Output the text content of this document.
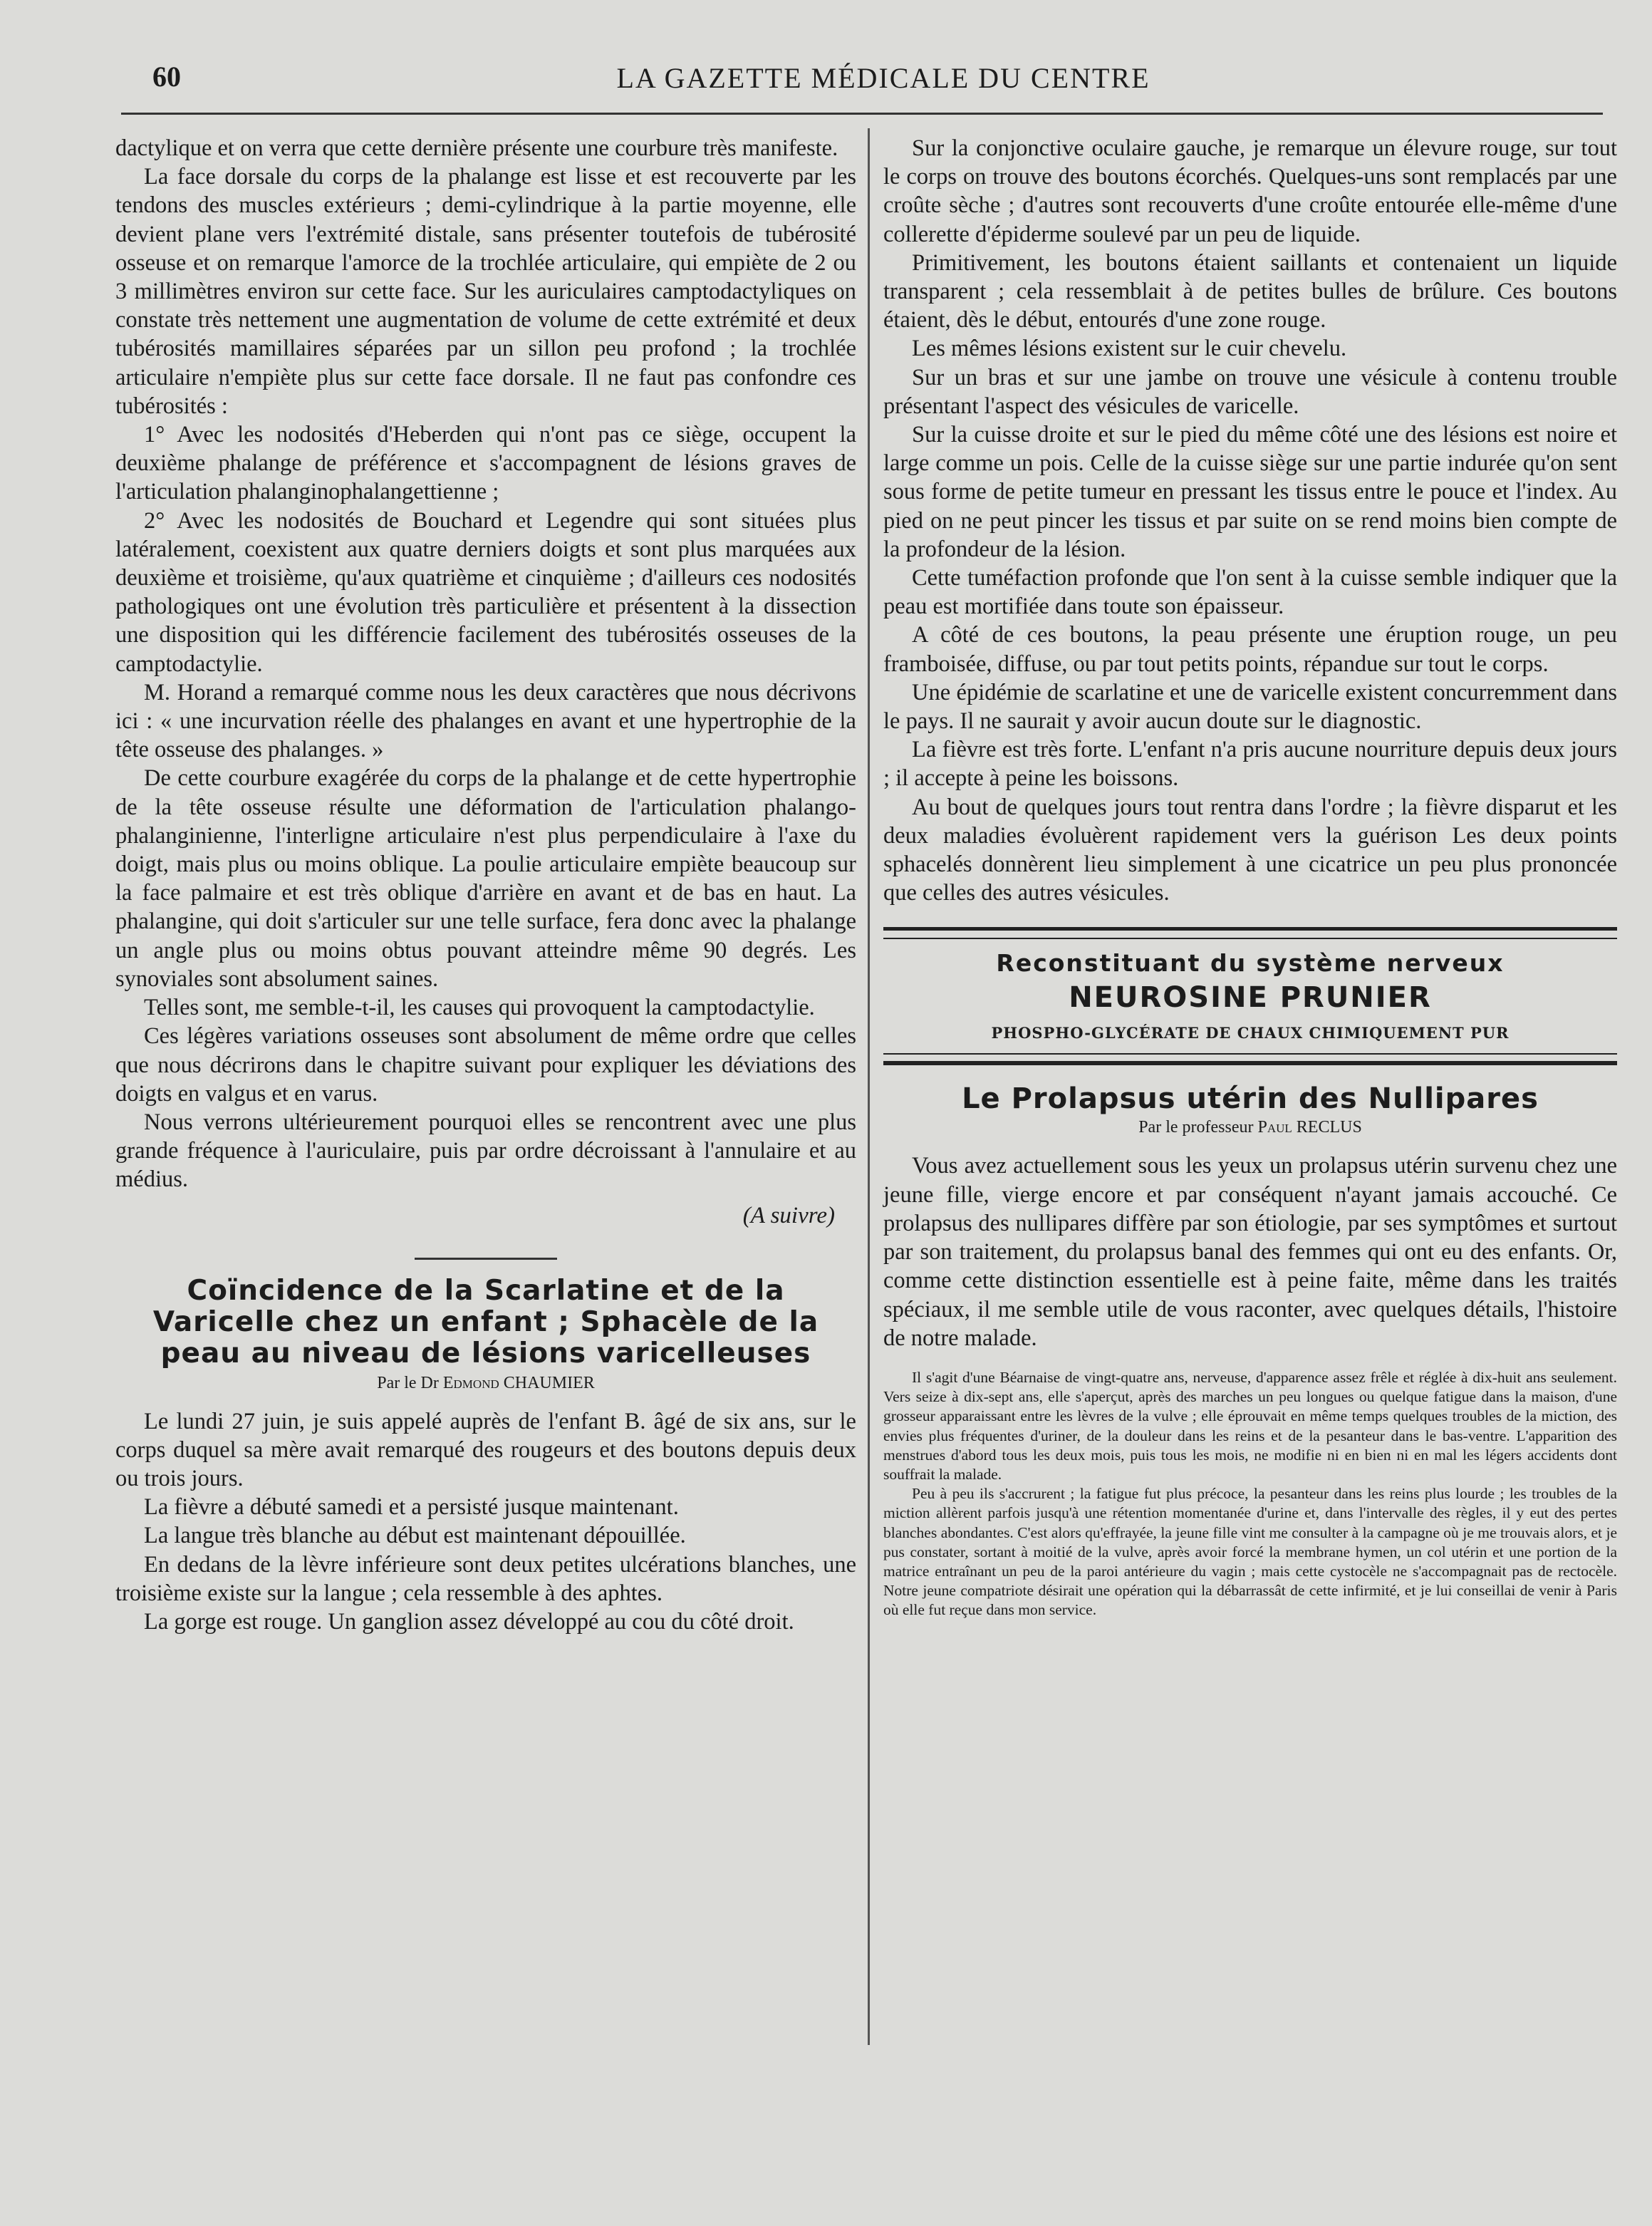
60	LA GAZETTE MÉDICALE DU CENTRE

dactylique et on verra que cette dernière présente une courbure très manifeste.

La face dorsale du corps de la phalange est lisse et est recouverte par les tendons des muscles extérieurs ; demi-cylindrique à la partie moyenne, elle devient plane vers l'extrémité distale, sans présenter toutefois de tubérosité osseuse et on remarque l'amorce de la trochlée articulaire, qui empiète de 2 ou 3 millimètres environ sur cette face. Sur les auriculaires camptodactyliques on constate très nettement une augmentation de volume de cette extrémité et deux tubérosités mamillaires séparées par un sillon peu profond ; la trochlée articulaire n'empiète plus sur cette face dorsale. Il ne faut pas confondre ces tubérosités :

1° Avec les nodosités d'Heberden qui n'ont pas ce siège, occupent la deuxième phalange de préférence et s'accompagnent de lésions graves de l'articulation phalanginophalangettienne ;

2° Avec les nodosités de Bouchard et Legendre qui sont situées plus latéralement, coexistent aux quatre derniers doigts et sont plus marquées aux deuxième et troisième, qu'aux quatrième et cinquième ; d'ailleurs ces nodosités pathologiques ont une évolution très particulière et présentent à la dissection une disposition qui les différencie facilement des tubérosités osseuses de la camptodactylie.

M. Horand a remarqué comme nous les deux caractères que nous décrivons ici : « une incurvation réelle des phalanges en avant et une hypertrophie de la tête osseuse des phalanges. »

De cette courbure exagérée du corps de la phalange et de cette hypertrophie de la tête osseuse résulte une déformation de l'articulation phalango-phalanginienne, l'interligne articulaire n'est plus perpendiculaire à l'axe du doigt, mais plus ou moins oblique. La poulie articulaire empiète beaucoup sur la face palmaire et est très oblique d'arrière en avant et de bas en haut. La phalangine, qui doit s'articuler sur une telle surface, fera donc avec la phalange un angle plus ou moins obtus pouvant atteindre même 90 degrés. Les synoviales sont absolument saines.

Telles sont, me semble-t-il, les causes qui provoquent la camptodactylie.

Ces légères variations osseuses sont absolument de même ordre que celles que nous décrirons dans le chapitre suivant pour expliquer les déviations des doigts en valgus et en varus.

Nous verrons ultérieurement pourquoi elles se rencontrent avec une plus grande fréquence à l'auriculaire, puis par ordre décroissant à l'annulaire et au médius.

(A suivre)
Coïncidence de la Scarlatine et de la Varicelle chez un enfant ; Sphacèle de la peau au niveau de lésions varicelleuses
Par le Dr Edmond CHAUMIER

Le lundi 27 juin, je suis appelé auprès de l'enfant B. âgé de six ans, sur le corps duquel sa mère avait remarqué des rougeurs et des boutons depuis deux ou trois jours.

La fièvre a débuté samedi et a persisté jusque maintenant.

La langue très blanche au début est maintenant dépouillée.

En dedans de la lèvre inférieure sont deux petites ulcérations blanches, une troisième existe sur la langue ; cela ressemble à des aphtes.

La gorge est rouge. Un ganglion assez développé au cou du côté droit.

Sur la conjonctive oculaire gauche, je remarque un élevure rouge, sur tout le corps on trouve des boutons écorchés. Quelques-uns sont remplacés par une croûte sèche ; d'autres sont recouverts d'une croûte entourée elle-même d'une collerette d'épiderme soulevé par un peu de liquide.

Primitivement, les boutons étaient saillants et contenaient un liquide transparent ; cela ressemblait à de petites bulles de brûlure. Ces boutons étaient, dès le début, entourés d'une zone rouge.

Les mêmes lésions existent sur le cuir chevelu.

Sur un bras et sur une jambe on trouve une vésicule à contenu trouble présentant l'aspect des vésicules de varicelle.

Sur la cuisse droite et sur le pied du même côté une des lésions est noire et large comme un pois. Celle de la cuisse siège sur une partie indurée qu'on sent sous forme de petite tumeur en pressant les tissus entre le pouce et l'index. Au pied on ne peut pincer les tissus et par suite on se rend moins bien compte de la profondeur de la lésion.

Cette tuméfaction profonde que l'on sent à la cuisse semble indiquer que la peau est mortifiée dans toute son épaisseur.

A côté de ces boutons, la peau présente une éruption rouge, un peu framboisée, diffuse, ou par tout petits points, répandue sur tout le corps.

Une épidémie de scarlatine et une de varicelle existent concurremment dans le pays. Il ne saurait y avoir aucun doute sur le diagnostic.

La fièvre est très forte. L'enfant n'a pris aucune nourriture depuis deux jours ; il accepte à peine les boissons.

Au bout de quelques jours tout rentra dans l'ordre ; la fièvre disparut et les deux maladies évoluèrent rapidement vers la guérison Les deux points sphacelés donnèrent lieu simplement à une cicatrice un peu plus prononcée que celles des autres vésicules.

Reconstituant du système nerveux
NEUROSINE PRUNIER
PHOSPHO-GLYCÉRATE DE CHAUX CHIMIQUEMENT PUR
Le Prolapsus utérin des Nullipares
Par le professeur Paul RECLUS

Vous avez actuellement sous les yeux un prolapsus utérin survenu chez une jeune fille, vierge encore et par conséquent n'ayant jamais accouché. Ce prolapsus des nullipares diffère par son étiologie, par ses symptômes et surtout par son traitement, du prolapsus banal des femmes qui ont eu des enfants. Or, comme cette distinction essentielle est à peine faite, même dans les traités spéciaux, il me semble utile de vous raconter, avec quelques détails, l'histoire de notre malade.

Il s'agit d'une Béarnaise de vingt-quatre ans, nerveuse, d'apparence assez frêle et réglée à dix-huit ans seulement. Vers seize à dix-sept ans, elle s'aperçut, après des marches un peu longues ou quelque fatigue dans la maison, d'une grosseur apparaissant entre les lèvres de la vulve ; elle éprouvait en même temps quelques troubles de la miction, des envies plus fréquentes d'uriner, de la douleur dans les reins et de la pesanteur dans le bas-ventre. L'apparition des menstrues d'abord tous les deux mois, puis tous les mois, ne modifie ni en bien ni en mal les légers accidents dont souffrait la malade.

Peu à peu ils s'accrurent ; la fatigue fut plus précoce, la pesanteur dans les reins plus lourde ; les troubles de la miction allèrent parfois jusqu'à une rétention momentanée d'urine et, dans l'intervalle des règles, il y eut des pertes blanches abondantes. C'est alors qu'effrayée, la jeune fille vint me consulter à la campagne où je me trouvais alors, et je pus constater, sortant à moitié de la vulve, après avoir forcé la membrane hymen, un col utérin et une portion de la matrice entraînant un peu de la paroi antérieure du vagin ; mais cette cystocèle ne s'accompagnait pas de rectocèle. Notre jeune compatriote désirait une opération qui la débarrassât de cette infirmité, et je lui conseillai de venir à Paris où elle fut reçue dans mon service.
